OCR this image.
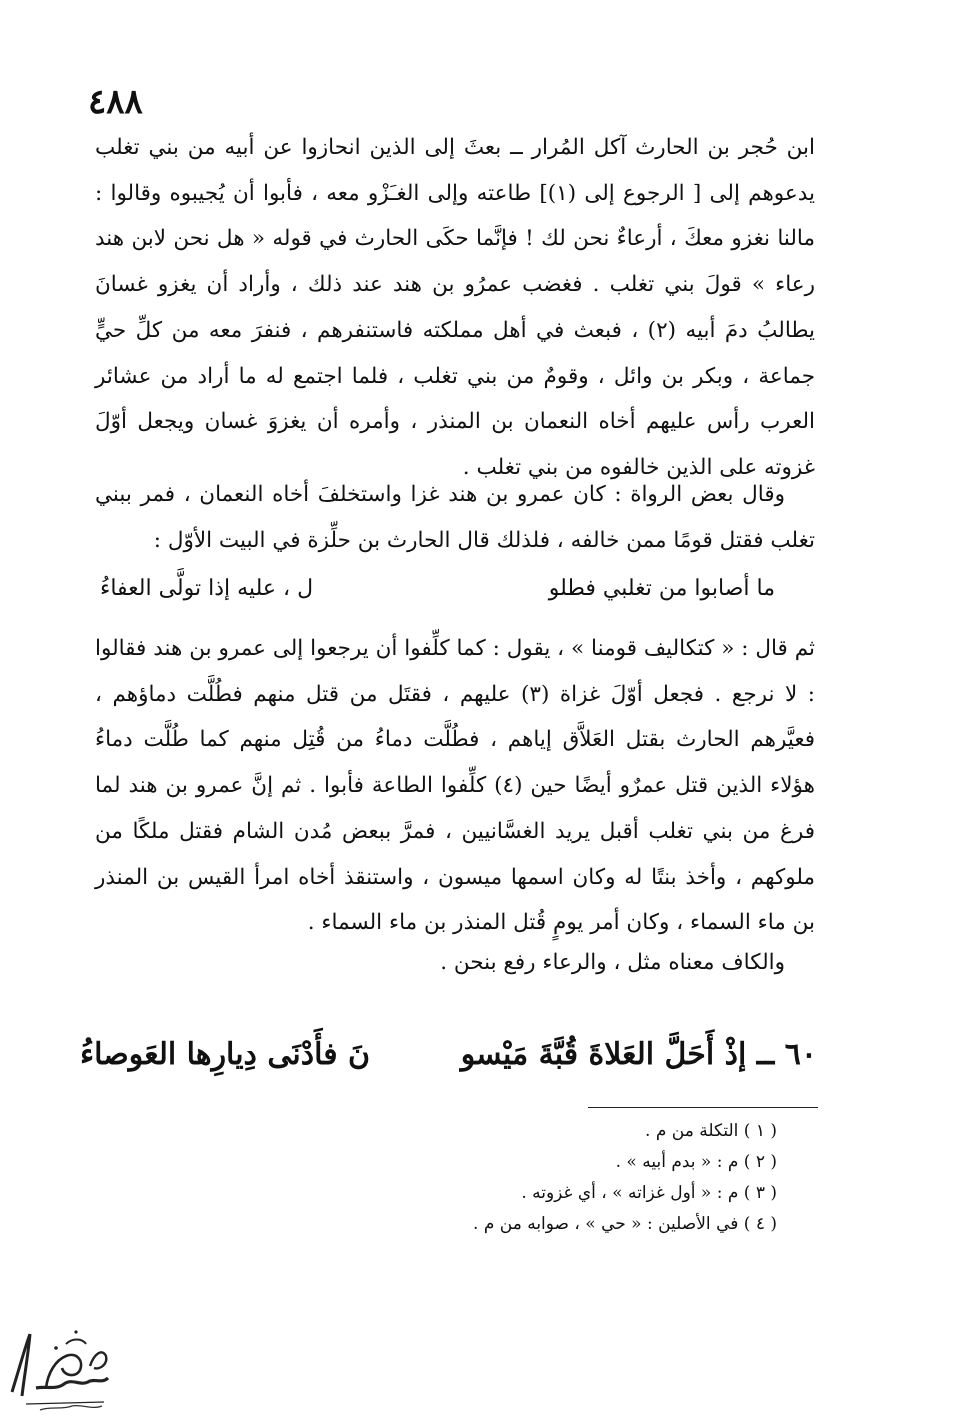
٤٨٨

ابن حُجر بن الحارث آكل المُرار ــ بعثَ إلى الذين انحازوا عن أبيه من بني تغلب يدعوهم إلى [ الرجوع إلى (١)] طاعته وإلى الغـَزْو معه ، فأبوا أن يُجيبوه وقالوا : مالنا نغزو معكَ ، أرعاءٌ نحن لك ! فإنَّما حكَى الحارث في قوله « هل نحن لابن هند رعاء » قولَ بني تغلب . فغضب عمرُو بن هند عند ذلك ، وأراد أن يغزو غسانَ يطالبُ دمَ أبيه (٢) ، فبعث في أهل مملكته فاستنفرهم ، فنفرَ معه من كلِّ حيٍّ جماعة ، وبكر بن وائل ، وقومٌ من بني تغلب ، فلما اجتمع له ما أراد من عشائر العرب رأس عليهم أخاه النعمان بن المنذر ، وأمره أن يغزوَ غسان ويجعل أوّلَ غزوته على الذين خالفوه من بني تغلب .

وقال بعض الرواة : كان عمرو بن هند غزا واستخلفَ أخاه النعمان ، فمر ببني تغلب فقتل قومًا ممن خالفه ، فلذلك قال الحارث بن حلِّزة في البيت الأوّل :

ما أصابوا من تغلبي فطلو
ل ، عليه إذا تولَّى العفاءُ

ثم قال : « كتكاليف قومنا » ، يقول : كما كلِّفوا أن يرجعوا إلى عمرو بن هند فقالوا : لا نرجع . فجعل أوّلَ غزاة (٣) عليهم ، فقتَل من قتل منهم فطُلَّت دماؤهم ، فعيَّرهم الحارث بقتل العَلاَّق إياهم ، فطُلَّت دماءُ من قُتِل منهم كما طُلَّت دماءُ هؤلاء الذين قتل عمرٌو أيضًا حين (٤) كلِّفوا الطاعة فأبوا . ثم إنَّ عمرو بن هند لما فرغ من بني تغلب أقبل يريد الغسَّانيين ، فمرَّ ببعض مُدن الشام فقتل ملكًا من ملوكهم ، وأخذ بنتًا له وكان اسمها ميسون ، واستنقذ أخاه امرأ القيس بن المنذر بن ماء السماء ، وكان أمر يومٍ قُتل المنذر بن ماء السماء .

والكاف معناه مثل ، والرعاء رفع بنحن .

٦٠ ــ إذْ أَحَلَّ العَلاةَ قُبَّةَ مَيْسو
نَ فأَدْنَى دِيارِها العَوصاءُ

( ١ ) التكلة من م .

( ٢ ) م : « بدم أبيه » .

( ٣ ) م : « أول غزاته » ، أي غزوته .

( ٤ ) في الأصلين : « حي » ، صوابه من م .
